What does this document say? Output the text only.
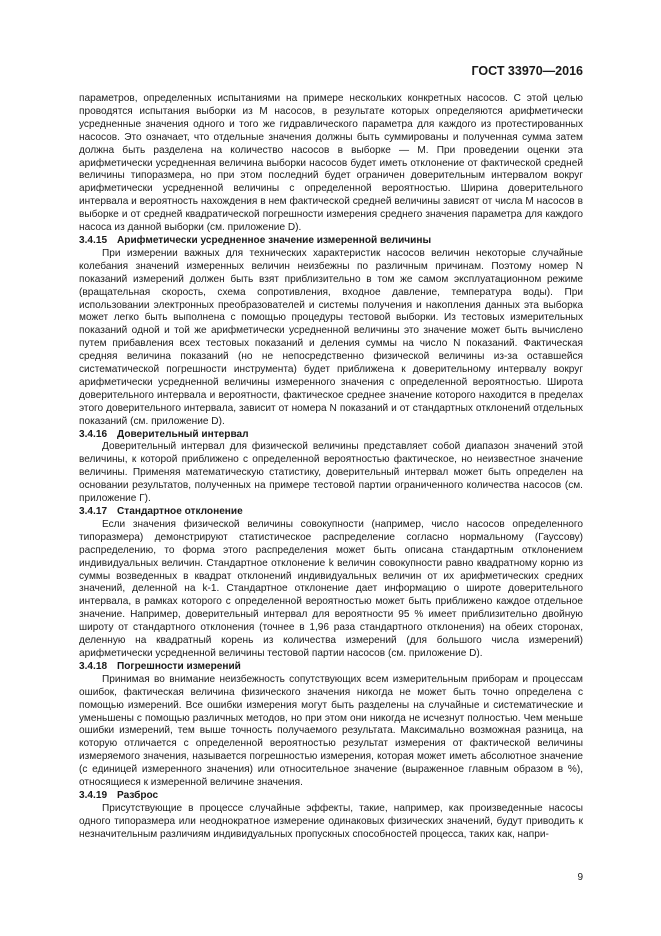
ГОСТ 33970—2016

параметров, определенных испытаниями на примере нескольких конкретных насосов. С этой целью проводятся испытания выборки из М насосов, в результате которых определяются арифметически усредненные значения одного и того же гидравлического параметра для каждого из протестированных насосов. Это означает, что отдельные значения должны быть суммированы и полученная сумма затем должна быть разделена на количество насосов в выборке — М. При проведении оценки эта арифметически усредненная величина выборки насосов будет иметь отклонение от фактической средней величины типоразмера, но при этом последний будет ограничен доверительным интервалом вокруг арифметически усредненной величины с определенной вероятностью. Ширина доверительного интервала и вероятность нахождения в нем фактической средней величины зависят от числа М насосов в выборке и от средней квадратической погрешности измерения среднего значения параметра для каждого насоса из данной выборки (см. приложение D).

3.4.15 Арифметически усредненное значение измеренной величины

При измерении важных для технических характеристик насосов величин некоторые случайные колебания значений измеренных величин неизбежны по различным причинам. Поэтому номер N показаний измерений должен быть взят приблизительно в том же самом эксплуатационном режиме (вращательная скорость, схема сопротивления, входное давление, температура воды). При использовании электронных преобразователей и системы получения и накопления данных эта выборка может легко быть выполнена с помощью процедуры тестовой выборки. Из тестовых измерительных показаний одной и той же арифметически усредненной величины это значение может быть вычислено путем прибавления всех тестовых показаний и деления суммы на число N показаний. Фактическая средняя величина показаний (но не непосредственно физической величины из-за оставшейся систематической погрешности инструмента) будет приближена к доверительному интервалу вокруг арифметически усредненной величины измеренного значения с определенной вероятностью. Широта доверительного интервала и вероятности, фактическое среднее значение которого находится в пределах этого доверительного интервала, зависит от номера N показаний и от стандартных отклонений отдельных показаний (см. приложение D).

3.4.16 Доверительный интервал

Доверительный интервал для физической величины представляет собой диапазон значений этой величины, к которой приближено с определенной вероятностью фактическое, но неизвестное значение величины. Применяя математическую статистику, доверительный интервал может быть определен на основании результатов, полученных на примере тестовой партии ограниченного количества насосов (см. приложение Г).

3.4.17 Стандартное отклонение

Если значения физической величины совокупности (например, число насосов определенного типоразмера) демонстрируют статистическое распределение согласно нормальному (Гауссову) распределению, то форма этого распределения может быть описана стандартным отклонением индивидуальных величин. Стандартное отклонение k величин совокупности равно квадратному корню из суммы возведенных в квадрат отклонений индивидуальных величин от их арифметических средних значений, деленной на k-1. Стандартное отклонение дает информацию о широте доверительного интервала, в рамках которого с определенной вероятностью может быть приближено каждое отдельное значение. Например, доверительный интервал для вероятности 95 % имеет приблизительно двойную широту от стандартного отклонения (точнее в 1,96 раза стандартного отклонения) на обеих сторонах, деленную на квадратный корень из количества измерений (для большого числа измерений) арифметически усредненной величины тестовой партии насосов (см. приложение D).

3.4.18 Погрешности измерений

Принимая во внимание неизбежность сопутствующих всем измерительным приборам и процессам ошибок, фактическая величина физического значения никогда не может быть точно определена с помощью измерений. Все ошибки измерения могут быть разделены на случайные и систематические и уменьшены с помощью различных методов, но при этом они никогда не исчезнут полностью. Чем меньше ошибки измерений, тем выше точность получаемого результата. Максимально возможная разница, на которую отличается с определенной вероятностью результат измерения от фактической величины измеряемого значения, называется погрешностью измерения, которая может иметь абсолютное значение (с единицей измеренного значения) или относительное значение (выраженное главным образом в %), относящиеся к измеренной величине значения.

3.4.19 Разброс

Присутствующие в процессе случайные эффекты, такие, например, как произведенные насосы одного типоразмера или неоднократное измерение одинаковых физических значений, будут приводить к незначительным различиям индивидуальных пропускных способностей процесса, таких как, напри-

9
